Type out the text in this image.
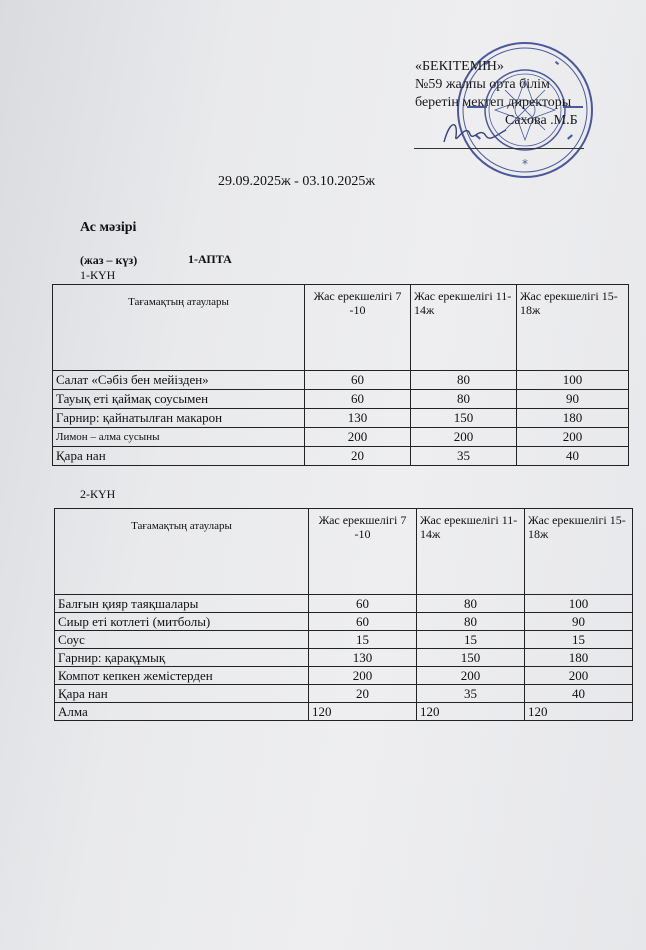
*
«БЕКІТЕМІН»
№59 жалпы орта білім
беретін мектеп директоры
Сахова .М.Б
29.09.2025ж - 03.10.2025ж
Ас мәзірі
(жаз – күз)	1-АПТА
1-КҮН
Тағамақтың атаулары	Жас ерекшелігі 7 -10	Жас ерекшелігі 11-14ж	Жас ерекшелігі 15-18ж
Салат «Сәбіз бен мейізден»	60	80	100
Тауық еті қаймақ соусымен	60	80	90
Гарнир: қайнатылған макарон	130	150	180
Лимон – алма сусыны	200	200	200
Қара нан	20	35	40
2-КҮН
Тағамақтың атаулары	Жас ерекшелігі 7 -10	Жас ерекшелігі 11-14ж	Жас ерекшелігі 15-18ж
Балғын қияр таяқшалары	60	80	100
Сиыр еті котлеті (митболы)	60	80	90
Соус	15	15	15
Гарнир: қарақұмық	130	150	180
Компот кепкен жемістерден	200	200	200
Қара нан	20	35	40
Алма	120	120	120
